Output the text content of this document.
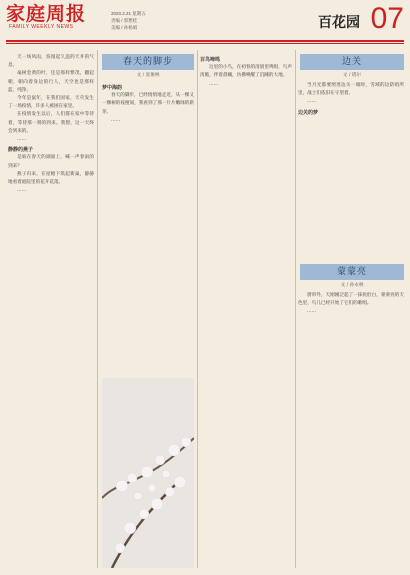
家庭周报
FAMILY WEEKLY NEWS
2020.2.21 星期五
责编 / 郭繁桂
美编 / 孙杨娟	百花园 07
春天的脚步
文 / 庞俊林
边关
文 / 塔尔
蒙蒙亮
文 / 孙永林

天一场风雨，弥漫起久违的天井的气息。

毫树金黄的叶，还是那样繁茂，翻起朝，朝向着身边的行人，天空也是那样蓝，纯净。

今年是鼠年，在我们国家，天灾发生了一场疫情，许多人被困在家里。

在疫情发生以后，人们都在家中等待着，等待那一刻的到来。我想，这一天终会到来的。

……

静静的燕子

是谁在春天的湖面上，喊一声春雨的到来？

燕子归来，在屋檐下筑起新巢，静静地看着庭院里的花开花落。

……

梦中海韵

春天的脚步，已经悄悄地走近，从一棵又一棵树的枝桠间，我看到了那一片片嫩绿的新芽。

……

百鸟啼鸣

这里的小鸟，在初春的清晨里鸣唱，鸟声清脆，伴着晨曦，仿佛唤醒了沉睡的大地。

……	当月光都要照进边关一端时，雪域的边防哨所里，战士们依旧在守望着。

……

边关的梦

窗帘外，天刚刚泛起了一抹鱼肚白，蒙蒙亮的天色里，鸟儿已经开始了它们的歌唱。

……
